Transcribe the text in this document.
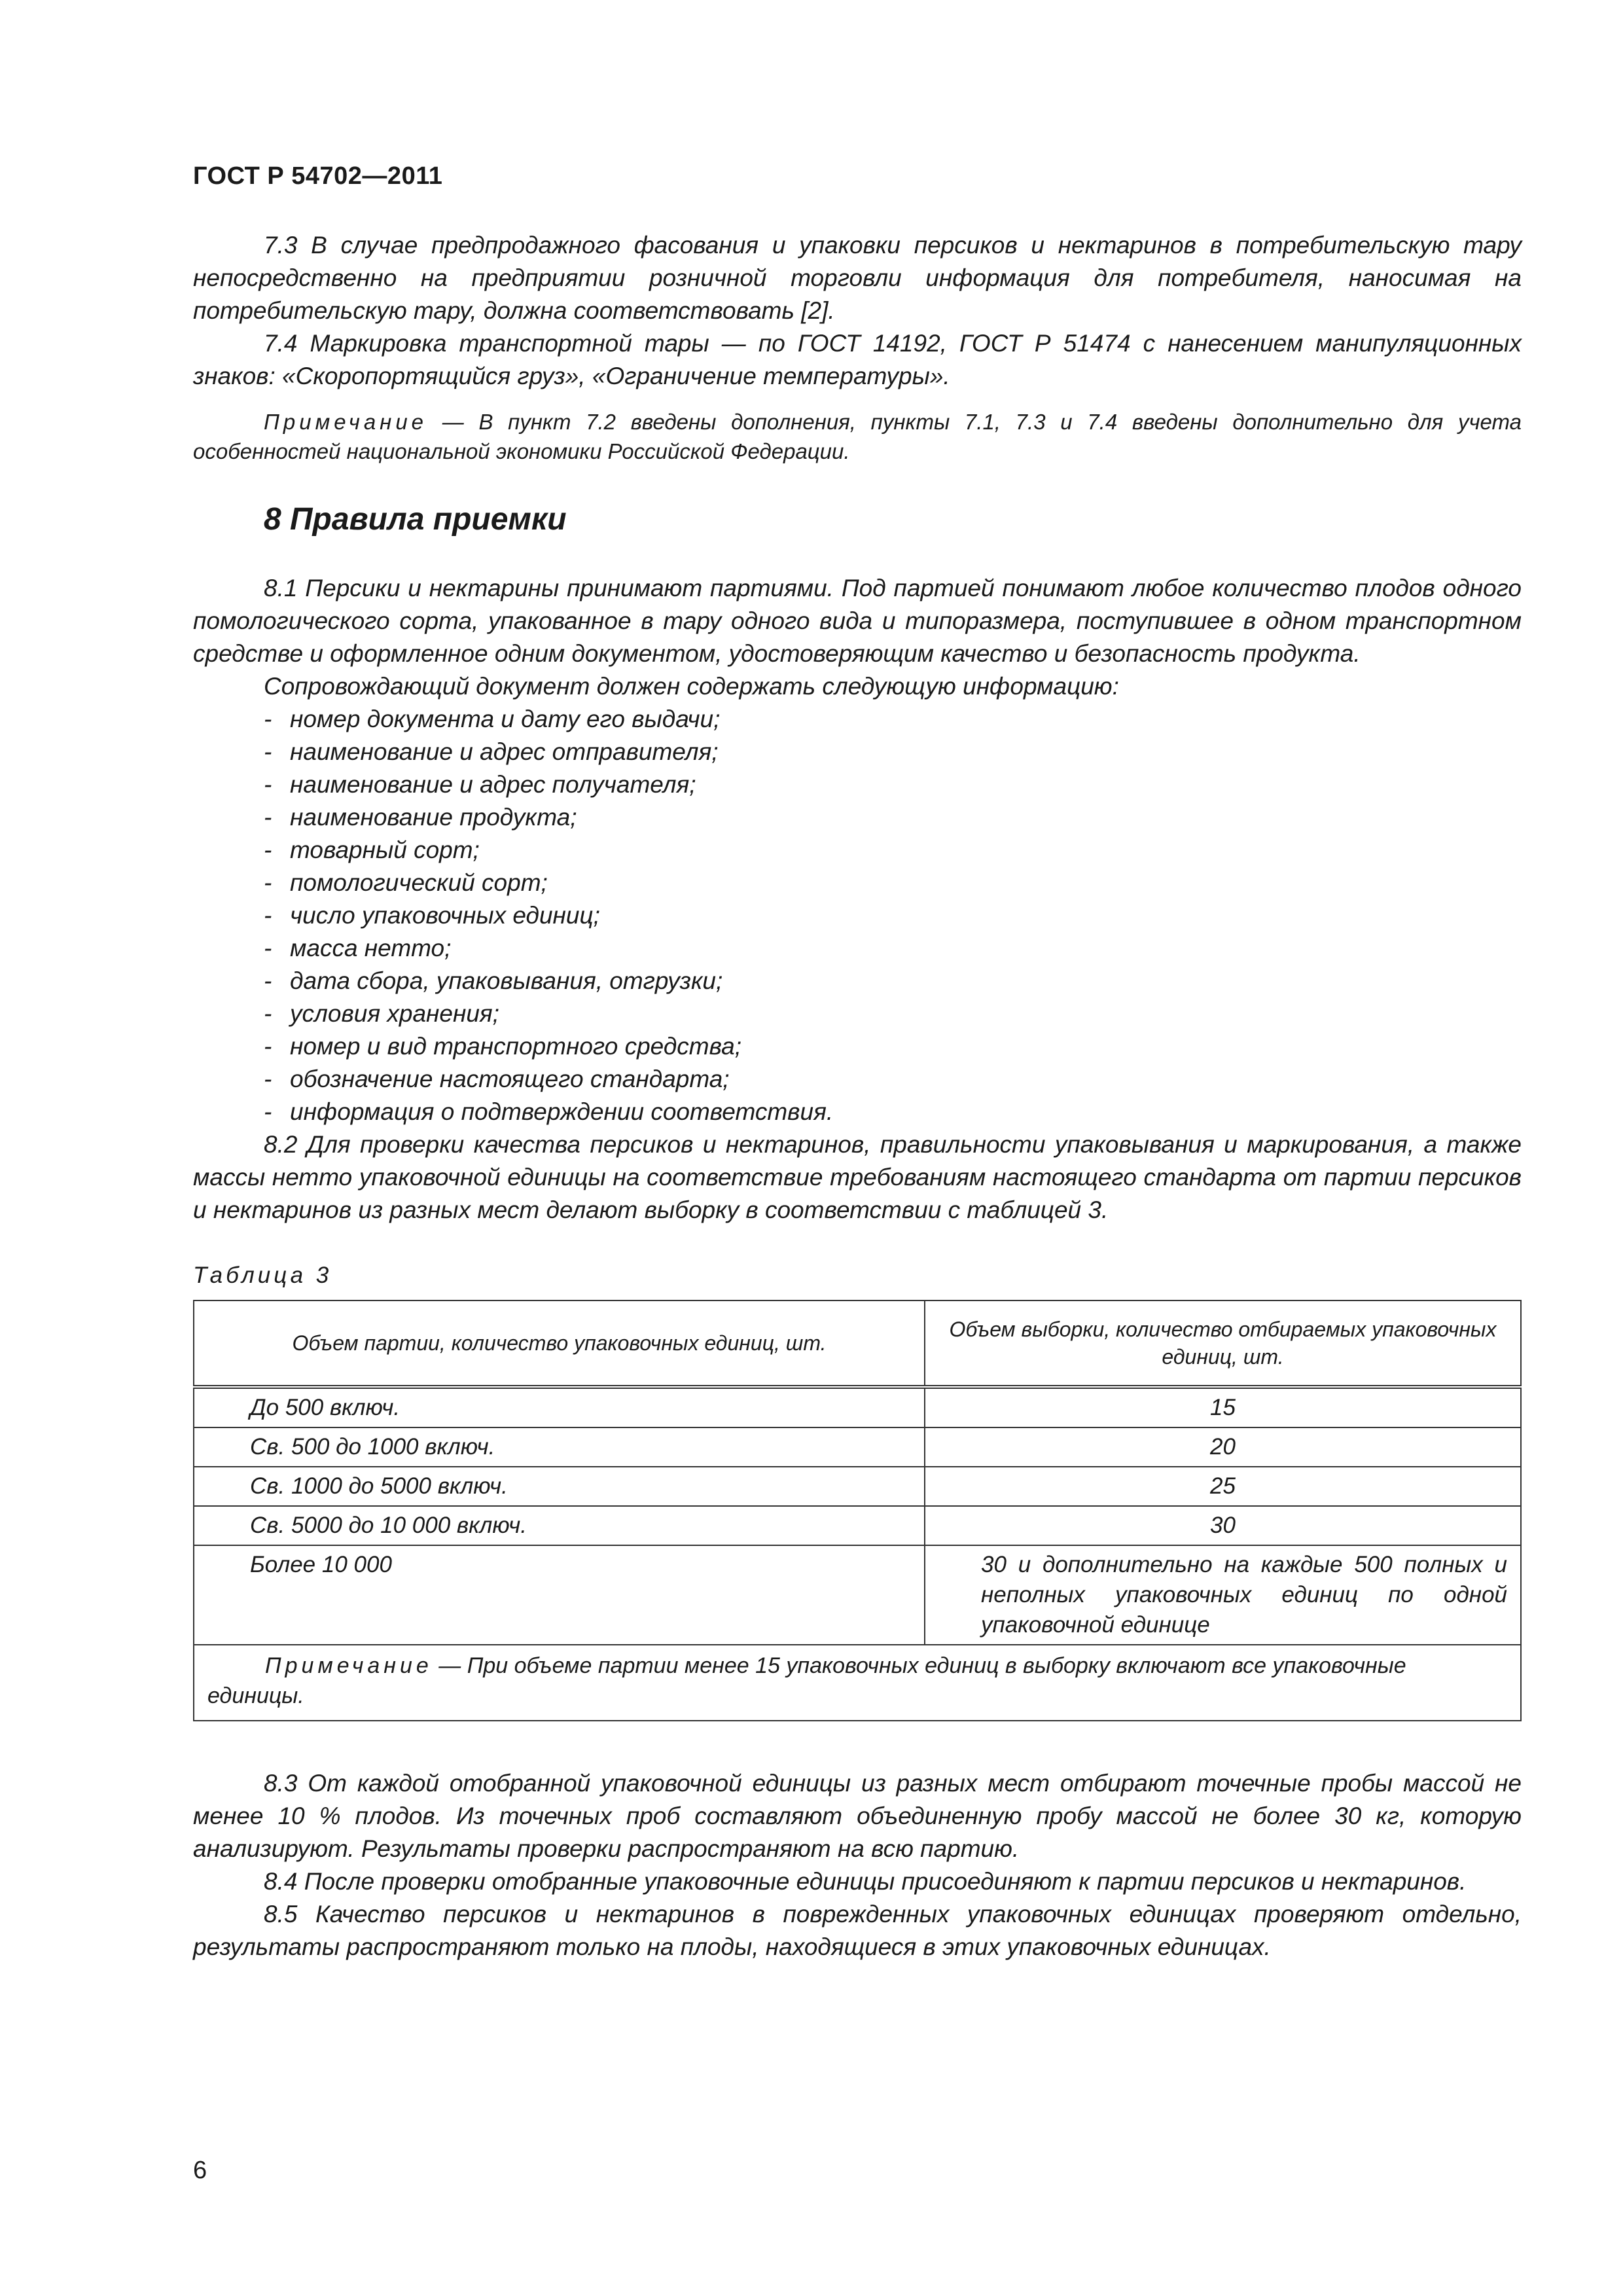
ГОСТ Р 54702—2011

7.3 В случае предпродажного фасования и упаковки персиков и нектаринов в потребительскую тару непосредственно на предприятии розничной торговли информация для потребителя, наносимая на потребительскую тару, должна соответствовать [2].

7.4 Маркировка транспортной тары — по ГОСТ 14192, ГОСТ Р 51474 с нанесением манипуляционных знаков: «Скоропортящийся груз», «Ограничение температуры».

Примечание — В пункт 7.2 введены дополнения, пункты 7.1, 7.3 и 7.4 введены дополнительно для учета особенностей национальной экономики Российской Федерации.

8 Правила приемки

8.1 Персики и нектарины принимают партиями. Под партией понимают любое количество плодов одного помологического сорта, упакованное в тару одного вида и типоразмера, поступившее в одном транспортном средстве и оформленное одним документом, удостоверяющим качество и безопасность продукта.

Сопровождающий документ должен содержать следующую информацию:

- номер документа и дату его выдачи;
- наименование и адрес отправителя;
- наименование и адрес получателя;
- наименование продукта;
- товарный сорт;
- помологический сорт;
- число упаковочных единиц;
- масса нетто;
- дата сбора, упаковывания, отгрузки;
- условия хранения;
- номер и вид транспортного средства;
- обозначение настоящего стандарта;
- информация о подтверждении соответствия.

8.2 Для проверки качества персиков и нектаринов, правильности упаковывания и маркирования, а также массы нетто упаковочной единицы на соответствие требованиям настоящего стандарта от партии персиков и нектаринов из разных мест делают выборку в соответствии с таблицей 3.

Таблица 3
Объем партии, количество упаковочных единиц, шт.	Объем выборки, количество отбираемых упаковочных единиц, шт.
До 500 включ.	15
Св. 500 до 1000 включ.	20
Св. 1000 до 5000 включ.	25
Св. 5000 до 10 000 включ.	30
Более 10 000	30 и дополнительно на каждые 500 полных и неполных упаковочных единиц по одной упаковочной единице
Примечание — При объеме партии менее 15 упаковочных единиц в выборку включают все упаковочные единицы.	

8.3 От каждой отобранной упаковочной единицы из разных мест отбирают точечные пробы массой не менее 10 % плодов. Из точечных проб составляют объединенную пробу массой не более 30 кг, которую анализируют. Результаты проверки распространяют на всю партию.

8.4 После проверки отобранные упаковочные единицы присоединяют к партии персиков и нектаринов.

8.5 Качество персиков и нектаринов в поврежденных упаковочных единицах проверяют отдельно, результаты распространяют только на плоды, находящиеся в этих упаковочных единицах.

6
